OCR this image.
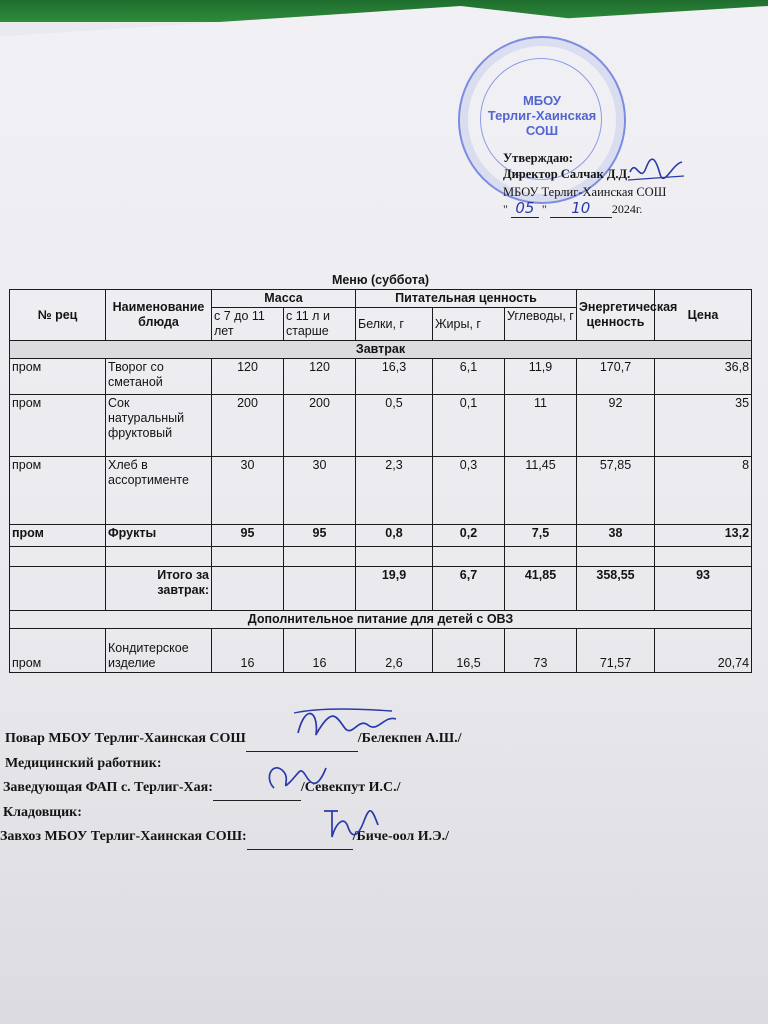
МБОУ
Терлиг-Хаинская
СОШ
Утверждаю:
Директор Салчак Д.Д.
МБОУ Терлиг-Хаинская СОШ
" 05 " 10 2024г.
Меню (суббота)								
№ рец	Наименование блюда	Масса		Питательная ценность			Энергетическая ценность	Цена
		с 7 до 11 лет	с 11 л и старше	Белки, г	Жиры, г	Углеводы, г		
Завтрак								
пром	Творог со сметаной	120	120	16,3	6,1	11,9	170,7	36,8
пром	Сок натуральный фруктовый	200	200	0,5	0,1	11	92	35
пром	Хлеб в ассортименте	30	30	2,3	0,3	11,45	57,85	8
пром	Фрукты	95	95	0,8	0,2	7,5	38	13,2

	Итого за завтрак:			19,9	6,7	41,85	358,55	93
Дополнительное питание для детей с ОВЗ								
пром	Кондитерское изделие	16	16	2,6	16,5	73	71,57	20,74
Повар МБОУ Терлиг-Хаинская СОШ	/Белекпен А.Ш./
Медицинский работник:
Заведующая ФАП с. Терлиг-Хая:	/Севекпут И.С./
Кладовщик:
Завхоз МБОУ Терлиг-Хаинская СОШ:	/Биче-оол И.Э./
